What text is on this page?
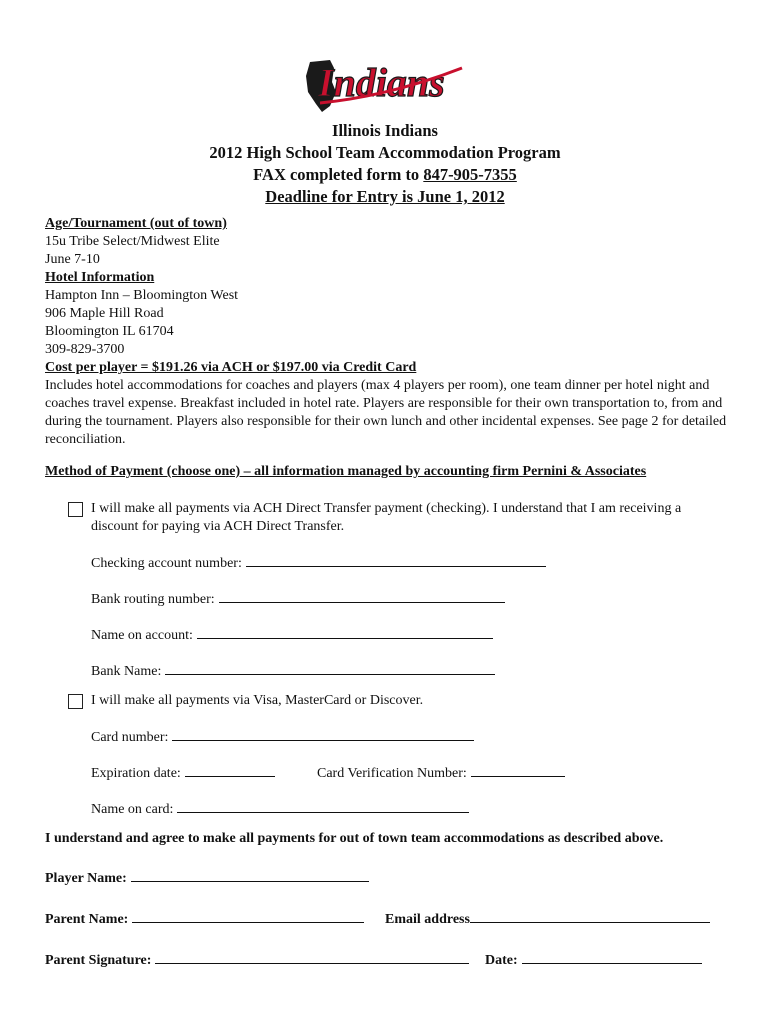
Indians
Illinois Indians
2012 High School Team Accommodation Program
FAX completed form to 847-905-7355
Deadline for Entry is June 1, 2012
Age/Tournament (out of town)
15u Tribe Select/Midwest Elite
June 7-10
Hotel Information
Hampton Inn – Bloomington West
906 Maple Hill Road
Bloomington IL 61704
309-829-3700
Cost per player = $191.26 via ACH or $197.00 via Credit Card
Includes hotel accommodations for coaches and players (max 4 players per room), one team dinner per hotel night and coaches travel expense. Breakfast included in hotel rate. Players are responsible for their own transportation to, from and during the tournament. Players also responsible for their own lunch and other incidental expenses. See page 2 for detailed reconciliation.
Method of Payment (choose one) – all information managed by accounting firm Pernini & Associates
I will make all payments via ACH Direct Transfer payment (checking). I understand that I am receiving a discount for paying via ACH Direct Transfer.
Checking account number:
Bank routing number:
Name on account:
Bank Name:
I will make all payments via Visa, MasterCard or Discover.
Card number:
Expiration date:	Card Verification Number:
Name on card:
I understand and agree to make all payments for out of town team accommodations as described above.
Player Name:
Parent Name:	Email address
Parent Signature:	Date:
